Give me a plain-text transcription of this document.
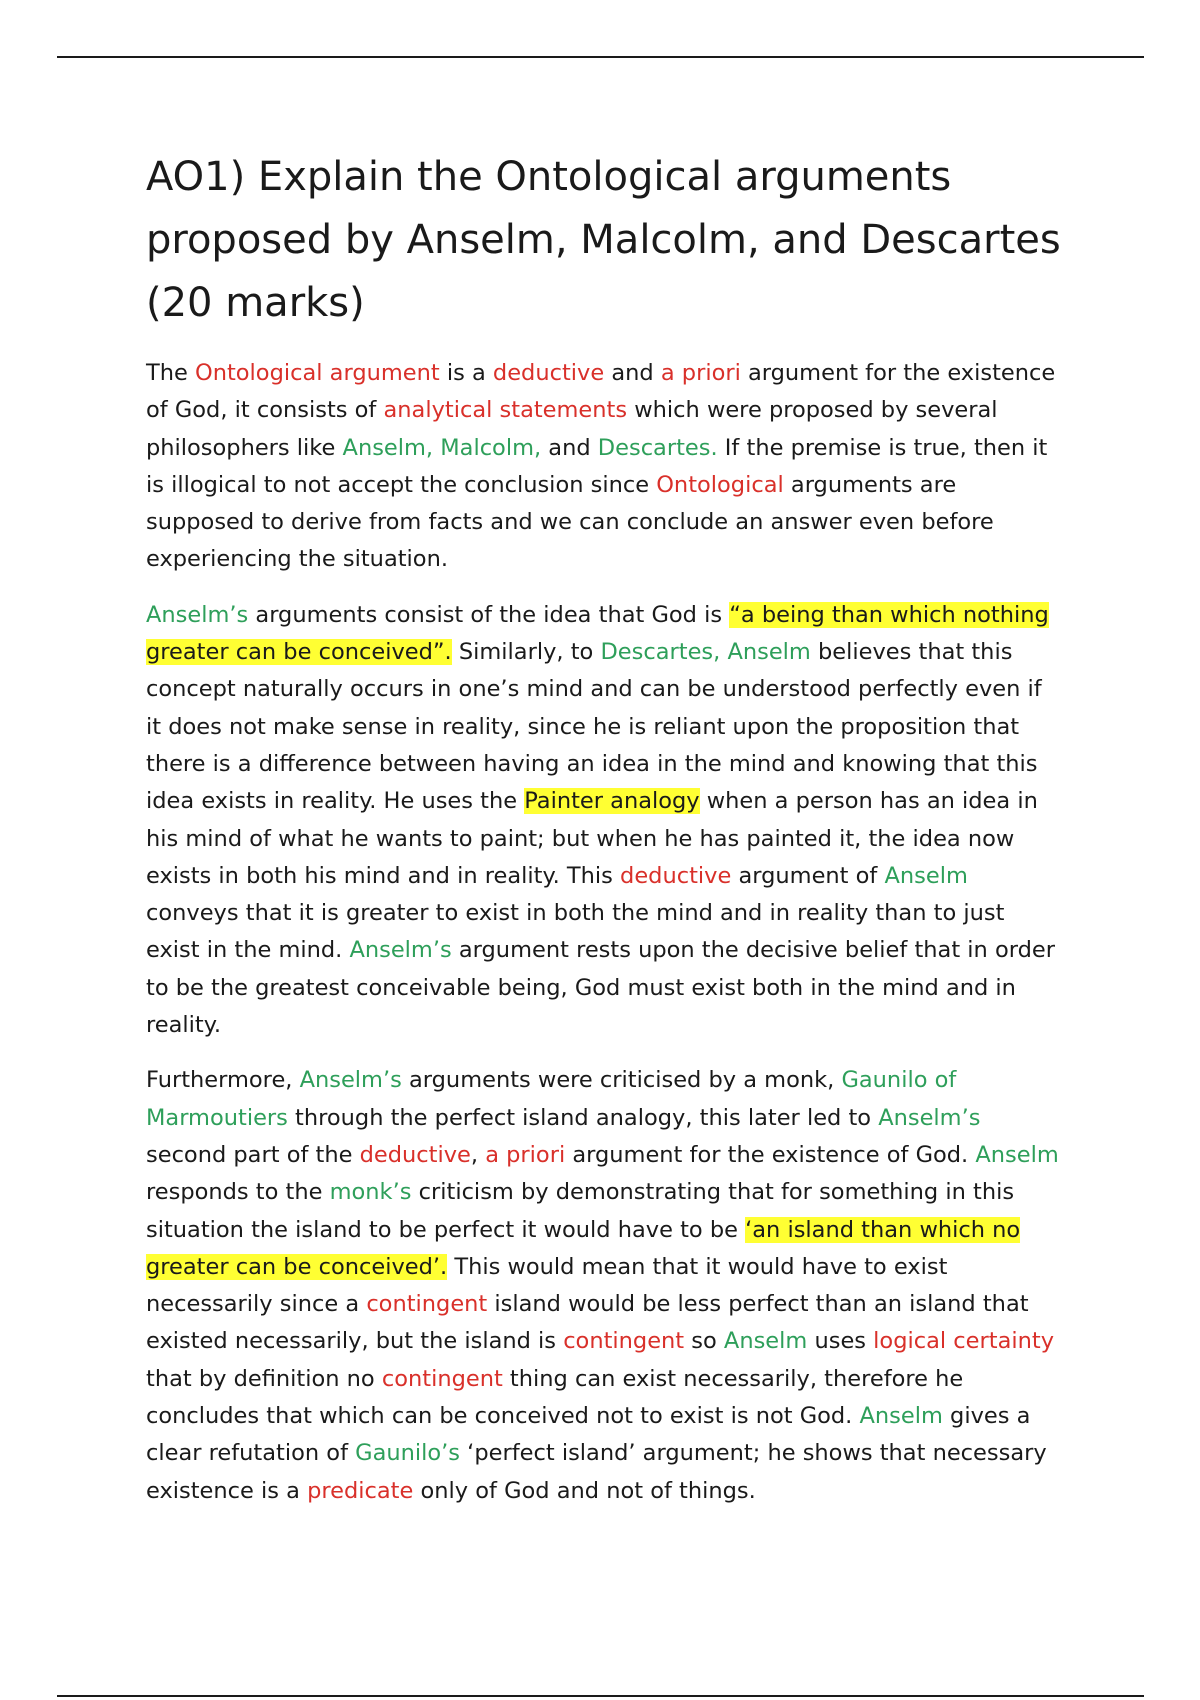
AO1) Explain the Ontological arguments proposed by Anselm, Malcolm, and Descartes (20 marks)

The Ontological argument is a deductive and a priori argument for the existence of God, it consists of analytical statements which were proposed by several philosophers like Anselm, Malcolm, and Descartes. If the premise is true, then it is illogical to not accept the conclusion since Ontological arguments are supposed to derive from facts and we can conclude an answer even before experiencing the situation.

Anselm’s arguments consist of the idea that God is “a being than which nothing greater can be conceived”. Similarly, to Descartes, Anselm believes that this concept naturally occurs in one’s mind and can be understood perfectly even if it does not make sense in reality, since he is reliant upon the proposition that there is a difference between having an idea in the mind and knowing that this idea exists in reality. He uses the Painter analogy when a person has an idea in his mind of what he wants to paint; but when he has painted it, the idea now exists in both his mind and in reality. This deductive argument of Anselm conveys that it is greater to exist in both the mind and in reality than to just exist in the mind. Anselm’s argument rests upon the decisive belief that in order to be the greatest conceivable being, God must exist both in the mind and in reality.

Furthermore, Anselm’s arguments were criticised by a monk, Gaunilo of Marmoutiers through the perfect island analogy, this later led to Anselm’s second part of the deductive, a priori argument for the existence of God. Anselm responds to the monk’s criticism by demonstrating that for something in this situation the island to be perfect it would have to be ‘an island than which no greater can be conceived’. This would mean that it would have to exist necessarily since a contingent island would be less perfect than an island that existed necessarily, but the island is contingent so Anselm uses logical certainty that by definition no contingent thing can exist necessarily, therefore he concludes that which can be conceived not to exist is not God. Anselm gives a clear refutation of Gaunilo’s ‘perfect island’ argument; he shows that necessary existence is a predicate only of God and not of things.
